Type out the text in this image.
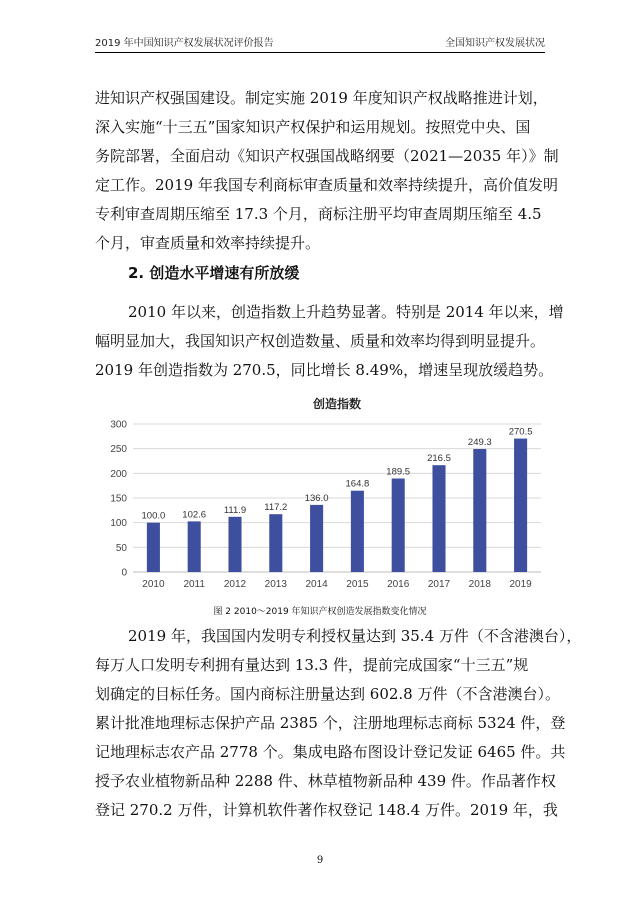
2019 年中国知识产权发展状况评价报告	全国知识产权发展状况
进知识产权强国建设。制定实施 2019 年度知识产权战略推进计划，
深入实施“十三五”国家知识产权保护和运用规划。按照党中央、国
务院部署，全面启动《知识产权强国战略纲要（2021—2035 年）》制
定工作。2019 年我国专利商标审查质量和效率持续提升，高价值发明
专利审查周期压缩至 17.3 个月，商标注册平均审查周期压缩至 4.5
个月，审查质量和效率持续提升。
2. 创造水平增速有所放缓
2010 年以来，创造指数上升趋势显著。特别是 2014 年以来，增
幅明显加大，我国知识产权创造数量、质量和效率均得到明显提升。
2019 年创造指数为 270.5，同比增长 8.49%，增速呈现放缓趋势。
创造指数
0
50
100
150
200
250
300
100.0
2010
102.6
2011
111.9
2012
117.2
2013
136.0
2014
164.8
2015
189.5
2016
216.5
2017
249.3
2018
270.5
2019
图 2 2010～2019 年知识产权创造发展指数变化情况
2019 年，我国国内发明专利授权量达到 35.4 万件（不含港澳台），
每万人口发明专利拥有量达到 13.3 件，提前完成国家“十三五”规
划确定的目标任务。国内商标注册量达到 602.8 万件（不含港澳台）。
累计批准地理标志保护产品 2385 个，注册地理标志商标 5324 件，登
记地理标志农产品 2778 个。集成电路布图设计登记发证 6465 件。共
授予农业植物新品种 2288 件、林草植物新品种 439 件。作品著作权
登记 270.2 万件，计算机软件著作权登记 148.4 万件。2019 年，我
9
